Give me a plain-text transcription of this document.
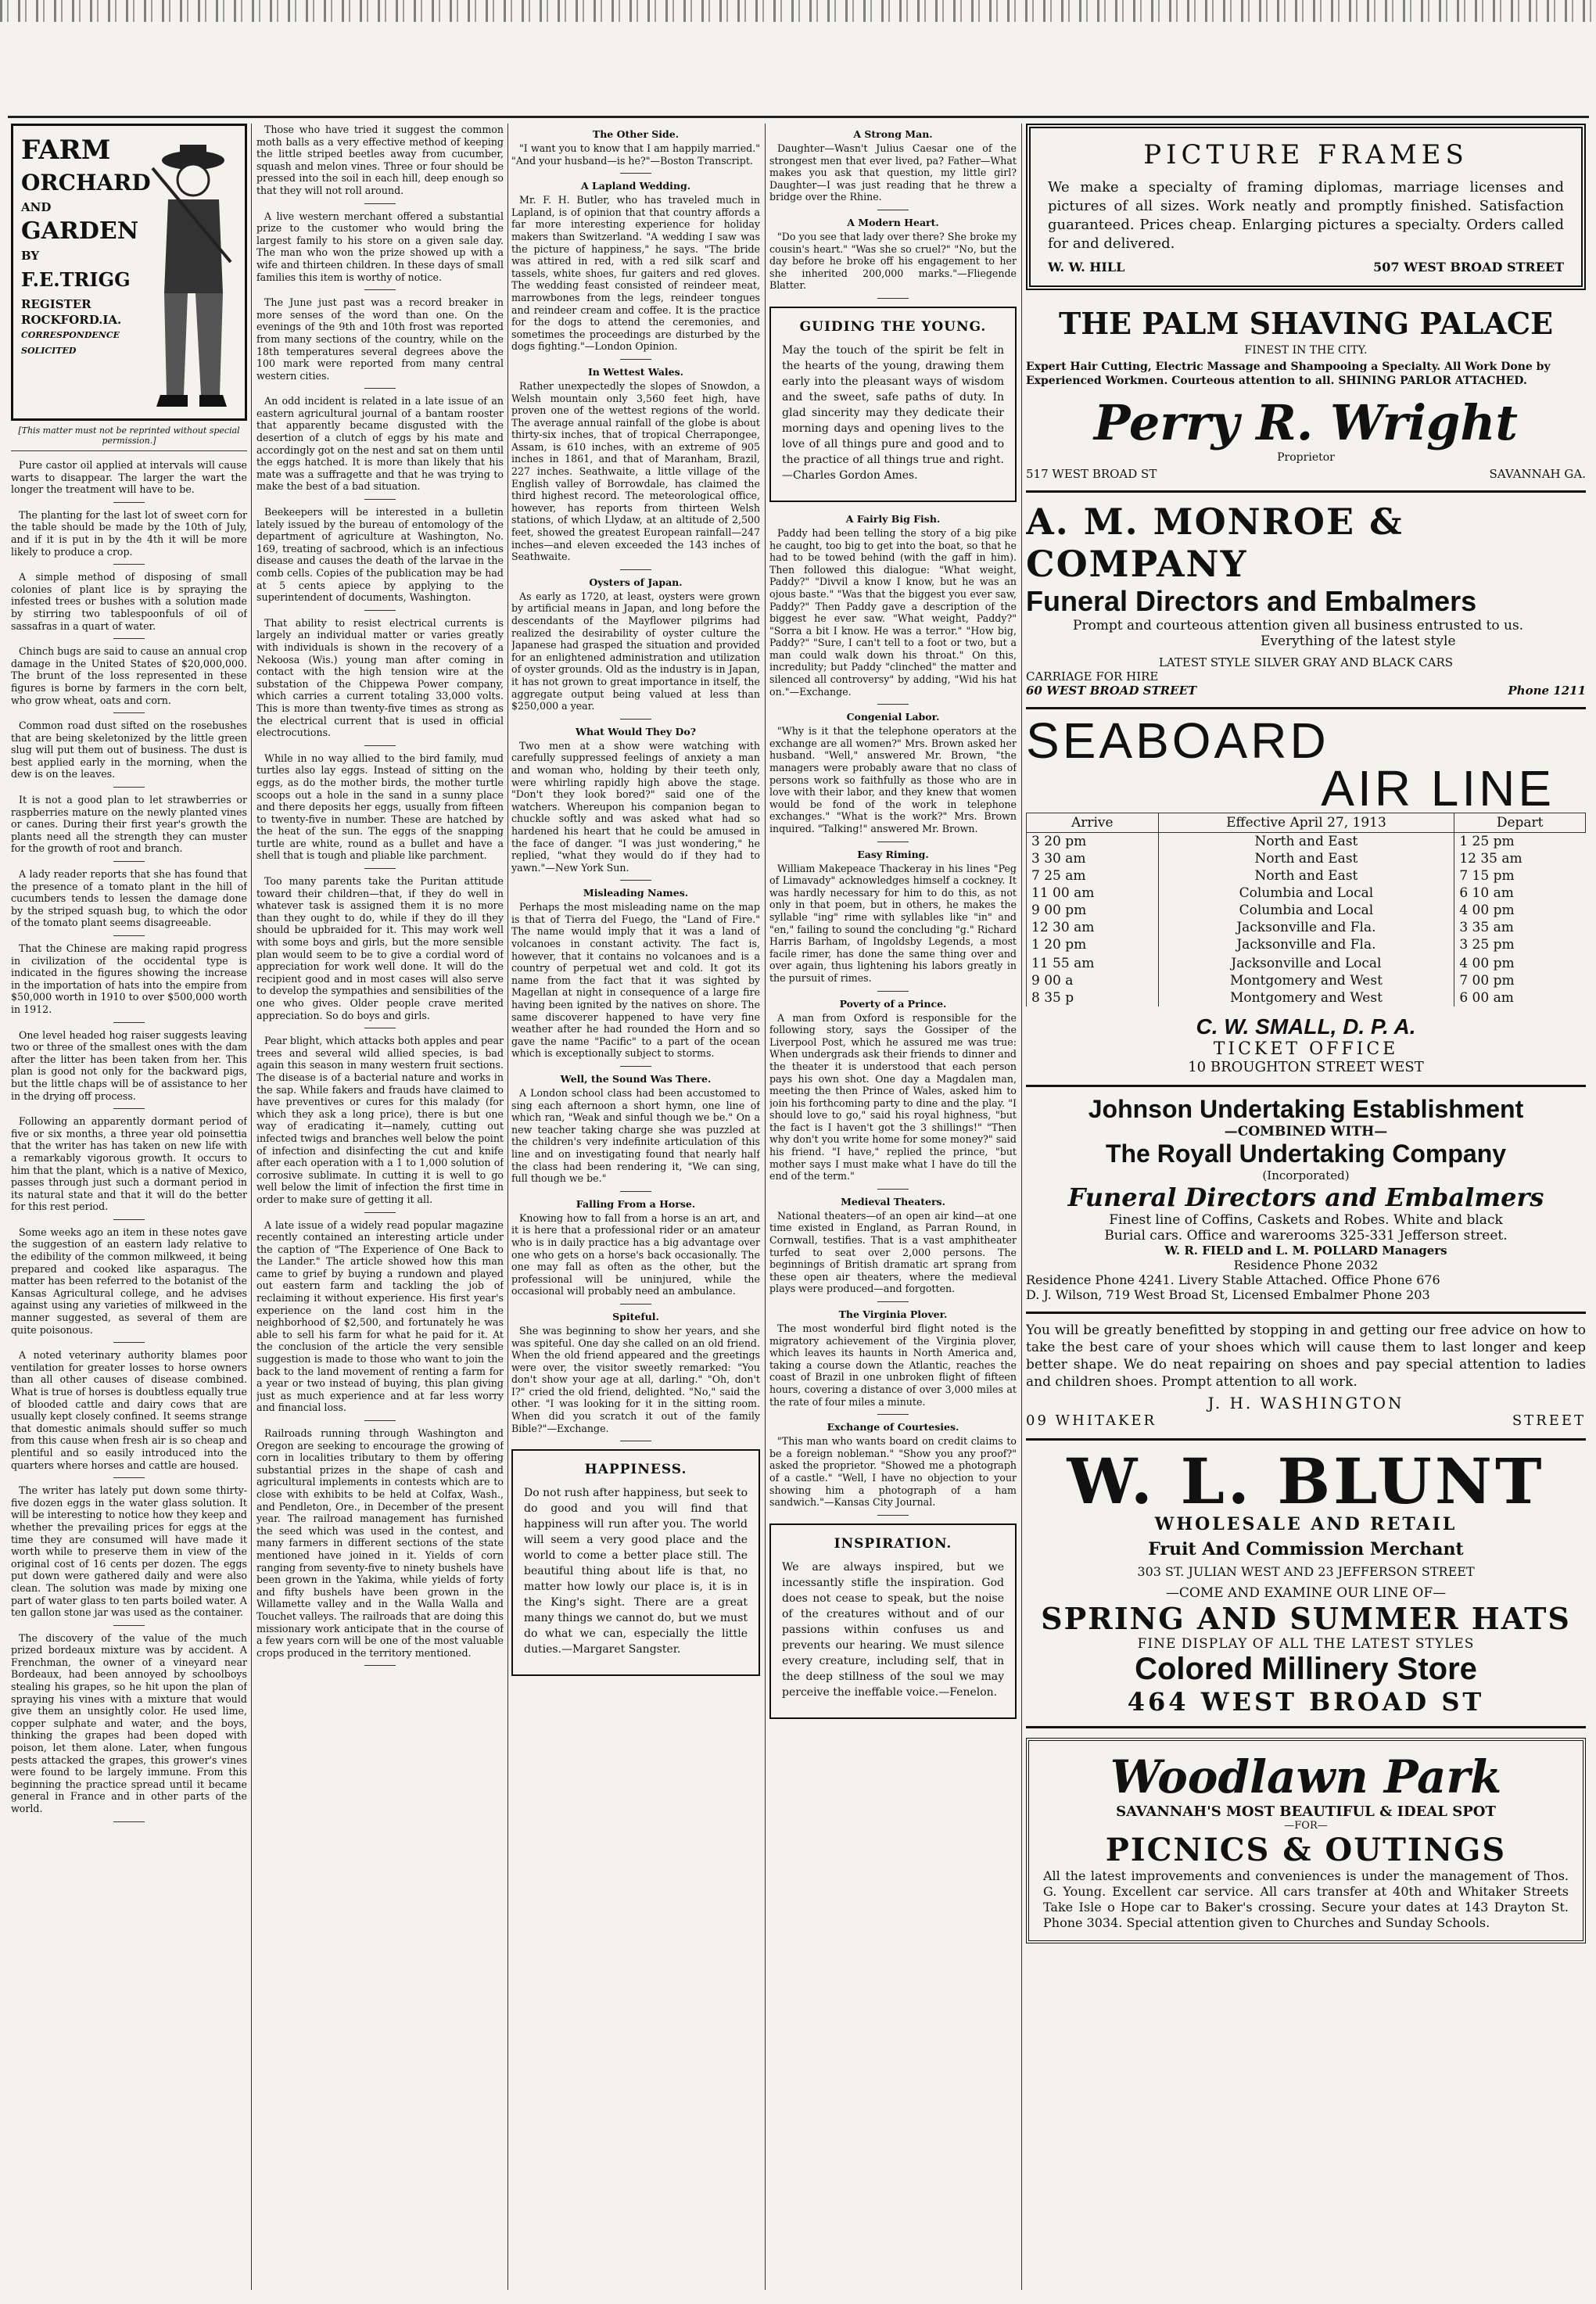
FARM
ORCHARD
AND
GARDEN
BY
F.E.TRIGG
REGISTER
ROCKFORD.IA.
CORRESPONDENCE
SOLICITED
[This matter must not be reprinted without special permission.]

Pure castor oil applied at intervals will cause warts to disappear. The larger the wart the longer the treatment will have to be.

The planting for the last lot of sweet corn for the table should be made by the 10th of July, and if it is put in by the 4th it will be more likely to produce a crop.

A simple method of disposing of small colonies of plant lice is by spraying the infested trees or bushes with a solution made by stirring two tablespoonfuls of oil of sassafras in a quart of water.

Chinch bugs are said to cause an annual crop damage in the United States of $20,000,000. The brunt of the loss represented in these figures is borne by farmers in the corn belt, who grow wheat, oats and corn.

Common road dust sifted on the rosebushes that are being skeletonized by the little green slug will put them out of business. The dust is best applied early in the morning, when the dew is on the leaves.

It is not a good plan to let strawberries or raspberries mature on the newly planted vines or canes. During their first year's growth the plants need all the strength they can muster for the growth of root and branch.

A lady reader reports that she has found that the presence of a tomato plant in the hill of cucumbers tends to lessen the damage done by the striped squash bug, to which the odor of the tomato plant seems disagreeable.

That the Chinese are making rapid progress in civilization of the occidental type is indicated in the figures showing the increase in the importation of hats into the empire from $50,000 worth in 1910 to over $500,000 worth in 1912.

One level headed hog raiser suggests leaving two or three of the smallest ones with the dam after the litter has been taken from her. This plan is good not only for the backward pigs, but the little chaps will be of assistance to her in the drying off process.

Following an apparently dormant period of five or six months, a three year old poinsettia that the writer has has taken on new life with a remarkably vigorous growth. It occurs to him that the plant, which is a native of Mexico, passes through just such a dormant period in its natural state and that it will do the better for this rest period.

Some weeks ago an item in these notes gave the suggestion of an eastern lady relative to the edibility of the common milkweed, it being prepared and cooked like asparagus. The matter has been referred to the botanist of the Kansas Agricultural college, and he advises against using any varieties of milkweed in the manner suggested, as several of them are quite poisonous.

A noted veterinary authority blames poor ventilation for greater losses to horse owners than all other causes of disease combined. What is true of horses is doubtless equally true of blooded cattle and dairy cows that are usually kept closely confined. It seems strange that domestic animals should suffer so much from this cause when fresh air is so cheap and plentiful and so easily introduced into the quarters where horses and cattle are housed.

The writer has lately put down some thirty-five dozen eggs in the water glass solution. It will be interesting to notice how they keep and whether the prevailing prices for eggs at the time they are consumed will have made it worth while to preserve them in view of the original cost of 16 cents per dozen. The eggs put down were gathered daily and were also clean. The solution was made by mixing one part of water glass to ten parts boiled water. A ten gallon stone jar was used as the container.

The discovery of the value of the much prized bordeaux mixture was by accident. A Frenchman, the owner of a vineyard near Bordeaux, had been annoyed by schoolboys stealing his grapes, so he hit upon the plan of spraying his vines with a mixture that would give them an unsightly color. He used lime, copper sulphate and water, and the boys, thinking the grapes had been doped with poison, let them alone. Later, when fungous pests attacked the grapes, this grower's vines were found to be largely immune. From this beginning the practice spread until it became general in France and in other parts of the world.

Those who have tried it suggest the common moth balls as a very effective method of keeping the little striped beetles away from cucumber, squash and melon vines. Three or four should be pressed into the soil in each hill, deep enough so that they will not roll around.

A live western merchant offered a substantial prize to the customer who would bring the largest family to his store on a given sale day. The man who won the prize showed up with a wife and thirteen children. In these days of small families this item is worthy of notice.

The June just past was a record breaker in more senses of the word than one. On the evenings of the 9th and 10th frost was reported from many sections of the country, while on the 18th temperatures several degrees above the 100 mark were reported from many central western cities.

An odd incident is related in a late issue of an eastern agricultural journal of a bantam rooster that apparently became disgusted with the desertion of a clutch of eggs by his mate and accordingly got on the nest and sat on them until the eggs hatched. It is more than likely that his mate was a suffragette and that he was trying to make the best of a bad situation.

Beekeepers will be interested in a bulletin lately issued by the bureau of entomology of the department of agriculture at Washington, No. 169, treating of sacbrood, which is an infectious disease and causes the death of the larvae in the comb cells. Copies of the publication may be had at 5 cents apiece by applying to the superintendent of documents, Washington.

That ability to resist electrical currents is largely an individual matter or varies greatly with individuals is shown in the recovery of a Nekoosa (Wis.) young man after coming in contact with the high tension wire at the substation of the Chippewa Power company, which carries a current totaling 33,000 volts. This is more than twenty-five times as strong as the electrical current that is used in official electrocutions.

While in no way allied to the bird family, mud turtles also lay eggs. Instead of sitting on the eggs, as do the mother birds, the mother turtle scoops out a hole in the sand in a sunny place and there deposits her eggs, usually from fifteen to twenty-five in number. These are hatched by the heat of the sun. The eggs of the snapping turtle are white, round as a bullet and have a shell that is tough and pliable like parchment.

Too many parents take the Puritan attitude toward their children—that, if they do well in whatever task is assigned them it is no more than they ought to do, while if they do ill they should be upbraided for it. This may work well with some boys and girls, but the more sensible plan would seem to be to give a cordial word of appreciation for work well done. It will do the recipient good and in most cases will also serve to develop the sympathies and sensibilities of the one who gives. Older people crave merited appreciation. So do boys and girls.

Pear blight, which attacks both apples and pear trees and several wild allied species, is bad again this season in many western fruit sections. The disease is of a bacterial nature and works in the sap. While fakers and frauds have claimed to have preventives or cures for this malady (for which they ask a long price), there is but one way of eradicating it—namely, cutting out infected twigs and branches well below the point of infection and disinfecting the cut and knife after each operation with a 1 to 1,000 solution of corrosive sublimate. In cutting it is well to go well below the limit of infection the first time in order to make sure of getting it all.

A late issue of a widely read popular magazine recently contained an interesting article under the caption of "The Experience of One Back to the Lander." The article showed how this man came to grief by buying a rundown and played out eastern farm and tackling the job of reclaiming it without experience. His first year's experience on the land cost him in the neighborhood of $2,500, and fortunately he was able to sell his farm for what he paid for it. At the conclusion of the article the very sensible suggestion is made to those who want to join the back to the land movement of renting a farm for a year or two instead of buying, this plan giving just as much experience and at far less worry and financial loss.

Railroads running through Washington and Oregon are seeking to encourage the growing of corn in localities tributary to them by offering substantial prizes in the shape of cash and agricultural implements in contests which are to close with exhibits to be held at Colfax, Wash., and Pendleton, Ore., in December of the present year. The railroad management has furnished the seed which was used in the contest, and many farmers in different sections of the state mentioned have joined in it. Yields of corn ranging from seventy-five to ninety bushels have been grown in the Yakima, while yields of forty and fifty bushels have been grown in the Willamette valley and in the Walla Walla and Touchet valleys. The railroads that are doing this missionary work anticipate that in the course of a few years corn will be one of the most valuable crops produced in the territory mentioned.

The Other Side.

"I want you to know that I am happily married." "And your husband—is he?"—Boston Transcript.

A Lapland Wedding.

Mr. F. H. Butler, who has traveled much in Lapland, is of opinion that that country affords a far more interesting experience for holiday makers than Switzerland. "A wedding I saw was the picture of happiness," he says. "The bride was attired in red, with a red silk scarf and tassels, white shoes, fur gaiters and red gloves. The wedding feast consisted of reindeer meat, marrowbones from the legs, reindeer tongues and reindeer cream and coffee. It is the practice for the dogs to attend the ceremonies, and sometimes the proceedings are disturbed by the dogs fighting."—London Opinion.

In Wettest Wales.

Rather unexpectedly the slopes of Snowdon, a Welsh mountain only 3,560 feet high, have proven one of the wettest regions of the world. The average annual rainfall of the globe is about thirty-six inches, that of tropical Cherrapongee, Assam, is 610 inches, with an extreme of 905 inches in 1861, and that of Maranham, Brazil, 227 inches. Seathwaite, a little village of the English valley of Borrowdale, has claimed the third highest record. The meteorological office, however, has reports from thirteen Welsh stations, of which Llydaw, at an altitude of 2,500 feet, showed the greatest European rainfall—247 inches—and eleven exceeded the 143 inches of Seathwaite.

Oysters of Japan.

As early as 1720, at least, oysters were grown by artificial means in Japan, and long before the descendants of the Mayflower pilgrims had realized the desirability of oyster culture the Japanese had grasped the situation and provided for an enlightened administration and utilization of oyster grounds. Old as the industry is in Japan, it has not grown to great importance in itself, the aggregate output being valued at less than $250,000 a year.

What Would They Do?

Two men at a show were watching with carefully suppressed feelings of anxiety a man and woman who, holding by their teeth only, were whirling rapidly high above the stage. "Don't they look bored?" said one of the watchers. Whereupon his companion began to chuckle softly and was asked what had so hardened his heart that he could be amused in the face of danger. "I was just wondering," he replied, "what they would do if they had to yawn."—New York Sun.

Misleading Names.

Perhaps the most misleading name on the map is that of Tierra del Fuego, the "Land of Fire." The name would imply that it was a land of volcanoes in constant activity. The fact is, however, that it contains no volcanoes and is a country of perpetual wet and cold. It got its name from the fact that it was sighted by Magellan at night in consequence of a large fire having been ignited by the natives on shore. The same discoverer happened to have very fine weather after he had rounded the Horn and so gave the name "Pacific" to a part of the ocean which is exceptionally subject to storms.

Well, the Sound Was There.

A London school class had been accustomed to sing each afternoon a short hymn, one line of which ran, "Weak and sinful though we be." On a new teacher taking charge she was puzzled at the children's very indefinite articulation of this line and on investigating found that nearly half the class had been rendering it, "We can sing, full though we be."

Falling From a Horse.

Knowing how to fall from a horse is an art, and it is here that a professional rider or an amateur who is in daily practice has a big advantage over one who gets on a horse's back occasionally. The one may fall as often as the other, but the professional will be uninjured, while the occasional will probably need an ambulance.

Spiteful.

She was beginning to show her years, and she was spiteful. One day she called on an old friend. When the old friend appeared and the greetings were over, the visitor sweetly remarked: "You don't show your age at all, darling." "Oh, don't I?" cried the old friend, delighted. "No," said the other. "I was looking for it in the sitting room. When did you scratch it out of the family Bible?"—Exchange.

HAPPINESS.

Do not rush after happiness, but seek to do good and you will find that happiness will run after you. The world will seem a very good place and the world to come a better place still. The beautiful thing about life is that, no matter how lowly our place is, it is in the King's sight. There are a great many things we cannot do, but we must do what we can, especially the little duties.—Margaret Sangster.

A Strong Man.

Daughter—Wasn't Julius Caesar one of the strongest men that ever lived, pa? Father—What makes you ask that question, my little girl? Daughter—I was just reading that he threw a bridge over the Rhine.

A Modern Heart.

"Do you see that lady over there? She broke my cousin's heart." "Was she so cruel?" "No, but the day before he broke off his engagement to her she inherited 200,000 marks."—Fliegende Blatter.

GUIDING THE YOUNG.

May the touch of the spirit be felt in the hearts of the young, drawing them early into the pleasant ways of wisdom and the sweet, safe paths of duty. In glad sincerity may they dedicate their morning days and opening lives to the love of all things pure and good and to the practice of all things true and right.—Charles Gordon Ames.

A Fairly Big Fish.

Paddy had been telling the story of a big pike he caught, too big to get into the boat, so that he had to be towed behind (with the gaff in him). Then followed this dialogue: "What weight, Paddy?" "Divvil a know I know, but he was an ojous baste." "Was that the biggest you ever saw, Paddy?" Then Paddy gave a description of the biggest he ever saw. "What weight, Paddy?" "Sorra a bit I know. He was a terror." "How big, Paddy?" "Sure, I can't tell to a foot or two, but a man could walk down his throat." On this, incredulity; but Paddy "clinched" the matter and silenced all controversy" by adding, "Wid his hat on."—Exchange.

Congenial Labor.

"Why is it that the telephone operators at the exchange are all women?" Mrs. Brown asked her husband. "Well," answered Mr. Brown, "the managers were probably aware that no class of persons work so faithfully as those who are in love with their labor, and they knew that women would be fond of the work in telephone exchanges." "What is the work?" Mrs. Brown inquired. "Talking!" answered Mr. Brown.

Easy Riming.

William Makepeace Thackeray in his lines "Peg of Limavady" acknowledges himself a cockney. It was hardly necessary for him to do this, as not only in that poem, but in others, he makes the syllable "ing" rime with syllables like "in" and "en," failing to sound the concluding "g." Richard Harris Barham, of Ingoldsby Legends, a most facile rimer, has done the same thing over and over again, thus lightening his labors greatly in the pursuit of rimes.

Poverty of a Prince.

A man from Oxford is responsible for the following story, says the Gossiper of the Liverpool Post, which he assured me was true: When undergrads ask their friends to dinner and the theater it is understood that each person pays his own shot. One day a Magdalen man, meeting the then Prince of Wales, asked him to join his forthcoming party to dine and the play. "I should love to go," said his royal highness, "but the fact is I haven't got the 3 shillings!" "Then why don't you write home for some money?" said his friend. "I have," replied the prince, "but mother says I must make what I have do till the end of the term."

Medieval Theaters.

National theaters—of an open air kind—at one time existed in England, as Parran Round, in Cornwall, testifies. That is a vast amphitheater turfed to seat over 2,000 persons. The beginnings of British dramatic art sprang from these open air theaters, where the medieval plays were produced—and forgotten.

The Virginia Plover.

The most wonderful bird flight noted is the migratory achievement of the Virginia plover, which leaves its haunts in North America and, taking a course down the Atlantic, reaches the coast of Brazil in one unbroken flight of fifteen hours, covering a distance of over 3,000 miles at the rate of four miles a minute.

Exchange of Courtesies.

"This man who wants board on credit claims to be a foreign nobleman." "Show you any proof?" asked the proprietor. "Showed me a photograph of a castle." "Well, I have no objection to your showing him a photograph of a ham sandwich."—Kansas City Journal.

INSPIRATION.

We are always inspired, but we incessantly stifle the inspiration. God does not cease to speak, but the noise of the creatures without and of our passions within confuses us and prevents our hearing. We must silence every creature, including self, that in the deep stillness of the soul we may perceive the ineffable voice.—Fenelon.

PICTURE FRAMES
We make a specialty of framing diplomas, marriage licenses and pictures of all sizes. Work neatly and promptly finished. Satisfaction guaranteed. Prices cheap. Enlarging pictures a specialty. Orders called for and delivered.
W. W. HILL	507 WEST BROAD STREET
THE PALM SHAVING PALACE
FINEST IN THE CITY.
Expert Hair Cutting, Electric Massage and Shampooing a Specialty. All Work Done by Experienced Workmen. Courteous attention to all. SHINING PARLOR ATTACHED.
Perry R. Wright
Proprietor
517 WEST BROAD ST	SAVANNAH GA.
A. M. MONROE & COMPANY
Funeral Directors and Embalmers
Prompt and courteous attention given all business entrusted to us.
Everything of the latest style
LATEST STYLE SILVER GRAY AND BLACK CARS
CARRIAGE FOR HIRE
60 WEST BROAD STREET	Phone 1211
SEABOARD
AIR LINE
Arrive	Effective April 27, 1913	Depart
3 20 pm	North and East	1 25 pm
3 30 am	North and East	12 35 am
7 25 am	North and East	7 15 pm
11 00 am	Columbia and Local	6 10 am
9 00 pm	Columbia and Local	4 00 pm
12 30 am	Jacksonville and Fla.	3 35 am
1 20 pm	Jacksonville and Fla.	3 25 pm

11 55 am	Jacksonville and Local	4 00 pm
9 00 a	Montgomery and West	7 00 pm
8 35 p	Montgomery and West	6 00 am
C. W. SMALL, D. P. A.
TICKET OFFICE
10 BROUGHTON STREET WEST
Johnson Undertaking Establishment
—COMBINED WITH—
The Royall Undertaking Company
(Incorporated)
Funeral Directors and Embalmers
Finest line of Coffins, Caskets and Robes. White and black
Burial cars. Office and warerooms 325-331 Jefferson street.
W. R. FIELD and L. M. POLLARD Managers
Residence Phone 2032
Residence Phone 4241. Livery Stable Attached. Office Phone 676
D. J. Wilson, 719 West Broad St, Licensed Embalmer Phone 203
You will be greatly benefitted by stopping in and getting our free advice on how to take the best care of your shoes which will cause them to last longer and keep better shape. We do neat repairing on shoes and pay special attention to ladies and children shoes. Prompt attention to all work.
J. H. WASHINGTON
09 WHITAKER	STREET
W. L. BLUNT
WHOLESALE AND RETAIL
Fruit And Commission Merchant
303 ST. JULIAN WEST AND 23 JEFFERSON STREET
—COME AND EXAMINE OUR LINE OF—
SPRING AND SUMMER HATS
FINE DISPLAY OF ALL THE LATEST STYLES
Colored Millinery Store
464 WEST BROAD ST
Woodlawn Park
SAVANNAH'S MOST BEAUTIFUL & IDEAL SPOT
—FOR—
PICNICS & OUTINGS
All the latest improvements and conveniences is under the management of Thos. G. Young. Excellent car service. All cars transfer at 40th and Whitaker Streets Take Isle o Hope car to Baker's crossing. Secure your dates at 143 Drayton St. Phone 3034. Special attention given to Churches and Sunday Schools.
